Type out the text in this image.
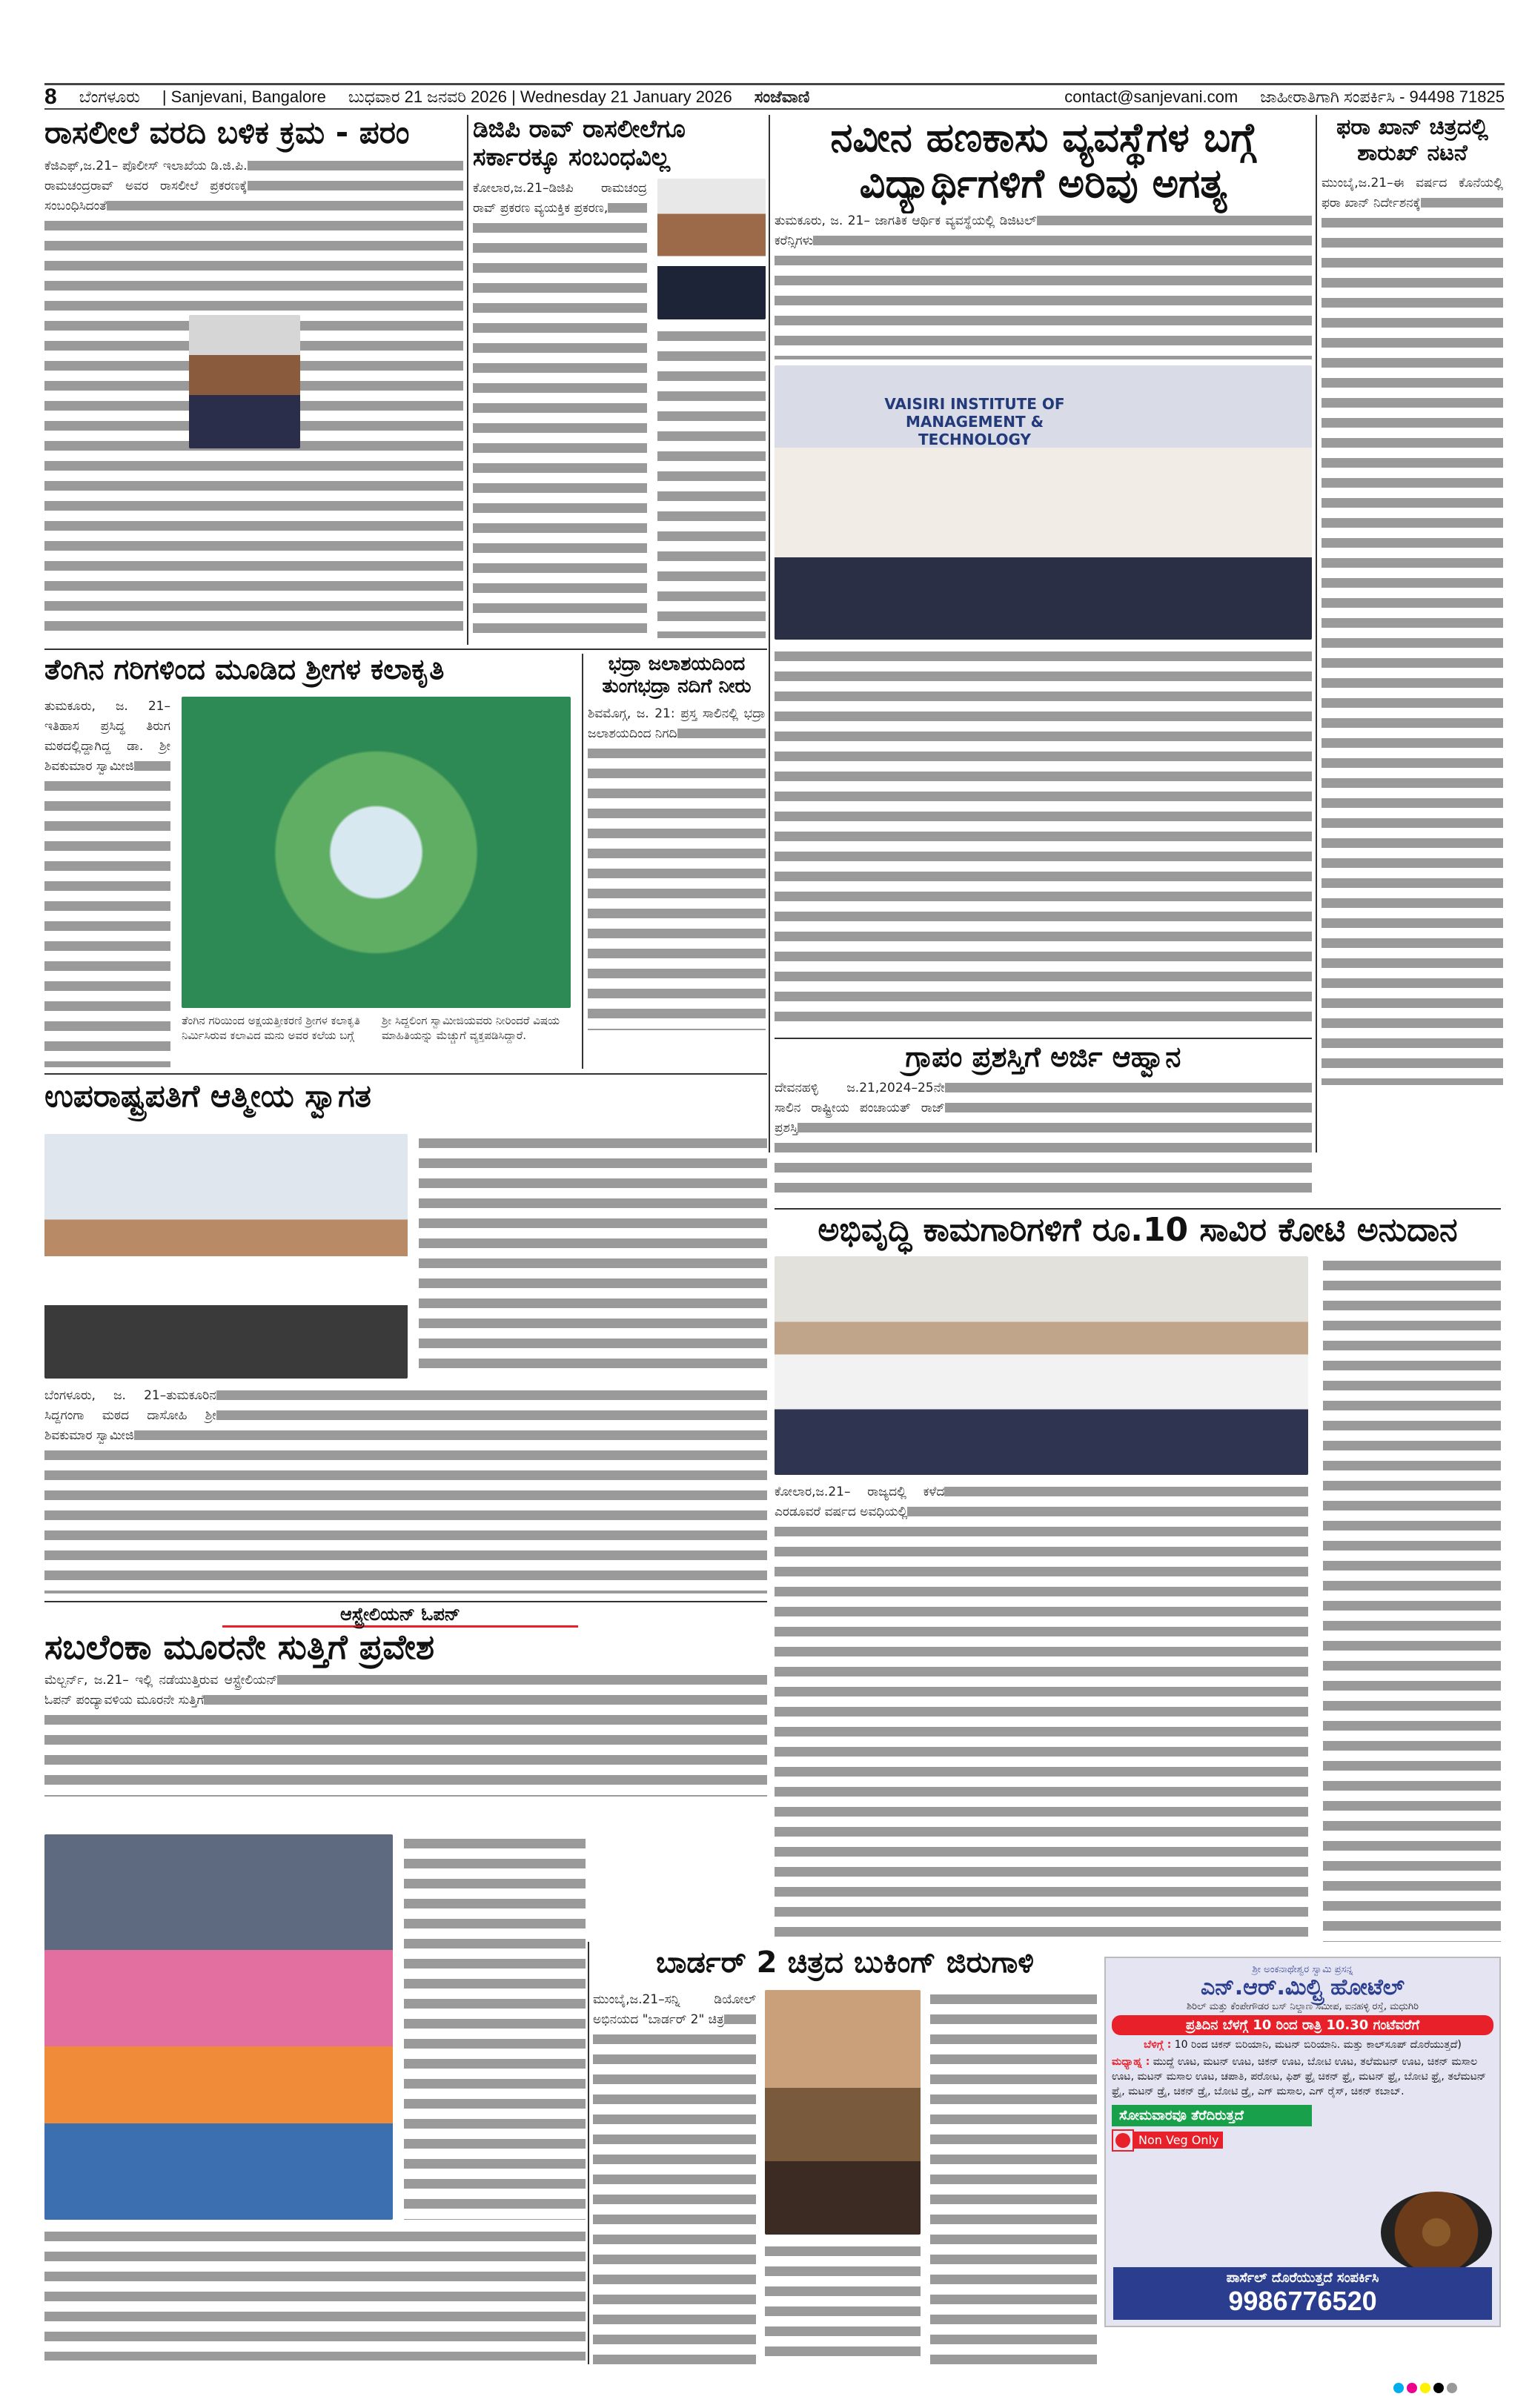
8 ಬೆಂಗಳೂರು | Sanjevani, Bangalore ಬುಧವಾರ 21 ಜನವರಿ 2026 | Wednesday 21 January 2026 ಸಂಜೆವಾಣಿ	contact@sanjevani.com ಜಾಹೀರಾತಿಗಾಗಿ ಸಂಪರ್ಕಿಸಿ - 94498 71825
ರಾಸಲೀಲೆ ವರದಿ ಬಳಿಕ ಕ್ರಮ - ಪರಂ
ಕೆಜಿಎಫ್,ಜ.21– ಪೊಲೀಸ್ ಇಲಾಖೆಯ ಡಿ.ಜಿ.ಪಿ. ರಾಮಚಂದ್ರರಾವ್ ಅವರ ರಾಸಲೀಲೆ ಪ್ರಕರಣಕ್ಕೆ ಸಂಬಂಧಿಸಿದಂತೆ
ಡಿಜಿಪಿ ರಾವ್ ರಾಸಲೀಲೆಗೂ ಸರ್ಕಾರಕ್ಕೂ ಸಂಬಂಧವಿಲ್ಲ
ಕೋಲಾರ,ಜ.21–ಡಿಜಿಪಿ ರಾಮಚಂದ್ರ ರಾವ್ ಪ್ರಕರಣ ವ್ಯಯಕ್ತಿಕ ಪ್ರಕರಣ,
ನವೀನ ಹಣಕಾಸು ವ್ಯವಸ್ಥೆಗಳ ಬಗ್ಗೆ ವಿದ್ಯಾರ್ಥಿಗಳಿಗೆ ಅರಿವು ಅಗತ್ಯ
ತುಮಕೂರು, ಜ. 21– ಜಾಗತಿಕ ಆರ್ಥಿಕ ವ್ಯವಸ್ಥೆಯಲ್ಲಿ ಡಿಜಿಟಲ್ ಕರೆನ್ಸಿಗಳು
VAISIRI INSTITUTE OF MANAGEMENT & TECHNOLOGY
ಫರಾ ಖಾನ್ ಚಿತ್ರದಲ್ಲಿ ಶಾರುಖ್ ನಟನೆ
ಮುಂಬೈ,ಜ.21–ಈ ವರ್ಷದ ಕೊನೆಯಲ್ಲಿ ಫರಾ ಖಾನ್ ನಿರ್ದೇಶನಕ್ಕೆ
ತೆಂಗಿನ ಗರಿಗಳಿಂದ ಮೂಡಿದ ಶ್ರೀಗಳ ಕಲಾಕೃತಿ
ತುಮಕೂರು, ಜ. 21– ಇತಿಹಾಸ ಪ್ರಸಿದ್ಧ ತಿರುಗ ಮಠದಲ್ಲಿದ್ದಾಗಿದ್ದ ಡಾ. ಶ್ರೀ ಶಿವಕುಮಾರ ಸ್ವಾಮೀಜಿ
ತೆಂಗಿನ ಗರಿಯಿಂದ ಅಕ್ಷಯತ್ತೀಕರಣಿ ಶ್ರೀಗಳ ಕಲಾಕೃತಿ ನಿರ್ಮಿಸಿರುವ ಕಲಾವಿದ ಮನು ಅವರ ಕಲೆಯ ಬಗ್ಗೆ
ಶ್ರೀ ಸಿದ್ದಲಿಂಗ ಸ್ವಾಮೀಜಿಯವರು ನೀರಿಂದರೆ ವಿಷಯ ಮಾಹಿತಿಯನ್ನು ಮೆಚ್ಚುಗೆ ವ್ಯಕ್ತಪಡಿಸಿದ್ದಾರೆ.
ಭದ್ರಾ ಜಲಾಶಯದಿಂದ ತುಂಗಭದ್ರಾ ನದಿಗೆ ನೀರು
ಶಿವಮೊಗ್ಗ, ಜ. 21: ಪ್ರಸ್ತ ಸಾಲಿನಲ್ಲಿ ಭದ್ರಾ ಜಲಾಶಯದಿಂದ ನಿಗದಿ
ಗ್ರಾಪಂ ಪ್ರಶಸ್ತಿಗೆ ಅರ್ಜಿ ಆಹ್ವಾನ
ದೇವನಹಳ್ಳಿ ಜ.21,2024–25ನೇ ಸಾಲಿನ ರಾಷ್ಟ್ರೀಯ ಪಂಚಾಯತ್ ರಾಜ್ ಪ್ರಶಸ್ತಿ
ಉಪರಾಷ್ಟ್ರಪತಿಗೆ ಆತ್ಮೀಯ ಸ್ವಾಗತ
ಬೆಂಗಳೂರು, ಜ. 21–ತುಮಕೂರಿನ ಸಿದ್ದಗಂಗಾ ಮಠದ ದಾಸೋಹಿ ಶ್ರೀ ಶಿವಕುಮಾರ ಸ್ವಾಮೀಜಿ
ಅಭಿವೃದ್ಧಿ ಕಾಮಗಾರಿಗಳಿಗೆ ರೂ.10 ಸಾವಿರ ಕೋಟಿ ಅನುದಾನ
ಕೋಲಾರ,ಜ.21– ರಾಜ್ಯದಲ್ಲಿ ಕಳೆದ ಎರಡೂವರೆ ವರ್ಷದ ಅವಧಿಯಲ್ಲಿ
ಆಸ್ಟ್ರೇಲಿಯನ್ ಓಪನ್
ಸಬಲೆಂಕಾ ಮೂರನೇ ಸುತ್ತಿಗೆ ಪ್ರವೇಶ
ಮೆಲ್ಬರ್ನ್, ಜ.21– ಇಲ್ಲಿ ನಡೆಯುತ್ತಿರುವ ಆಸ್ಟ್ರೇಲಿಯನ್ ಓಪನ್ ಪಂದ್ಯಾವಳಿಯ ಮೂರನೇ ಸುತ್ತಿಗೆ
ಬಾರ್ಡರ್ 2 ಚಿತ್ರದ ಬುಕಿಂಗ್ ಜಿರುಗಾಳಿ
ಮುಂಬೈ,ಜ.21–ಸನ್ನಿ ಡಿಯೋಲ್ ಅಭಿನಯದ "ಬಾರ್ಡರ್ 2" ಚಿತ್ರ
ಶ್ರೀ ಅಂಕನಾಥೇಶ್ವರ ಸ್ವಾಮಿ ಪ್ರಸನ್ನ
ಎನ್.ಆರ್.ಮಿಲ್ಟ್ರಿ ಹೋಟೆಲ್
ಶಿರಿಲ್ ಮತ್ತು ಕೆಂಪೇಗೌಡರ ಬಸ್ ನಿಲ್ದಾಣ ಸಮೀಪ, ಐನಹಳ್ಳಿ ರಸ್ತೆ, ಮಧುಗಿರಿ
ಪ್ರತಿದಿನ ಬೆಳಗ್ಗೆ 10 ರಿಂದ ರಾತ್ರಿ 10.30 ಗಂಟೆವರೆಗೆ
ಬೆಳಿಗ್ಗೆ : 10 ರಿಂದ ಚಿಕನ್ ಬಿರಿಯಾನಿ, ಮಟನ್ ಬಿರಿಯಾನಿ. ಮತ್ತು ಕಾಲ್‌ಸೂಪ್ ದೊರೆಯುತ್ತದೆ)
ಮಧ್ಯಾಹ್ನ : ಮುದ್ದೆ ಊಟ, ಮಟನ್ ಊಟ, ಚಿಕನ್ ಊಟ, ಬೋಟಿ ಊಟ, ತಲೆಮಟನ್ ಊಟ, ಚಿಕನ್ ಮಸಾಲ ಊಟ, ಮಟನ್ ಮಸಾಲ ಊಟ, ಚಪಾತಿ, ಪರೋಟ, ಫಿಶ್ ಫ್ರೈ ಚಿಕನ್ ಫ್ರೈ, ಮಟನ್ ಫ್ರೈ, ಬೋಟಿ ಫ್ರೈ, ತಲೆಮಟನ್ ಫ್ರೈ, ಮಟನ್ ಡ್ರೈ, ಚಿಕನ್ ಡ್ರೈ, ಬೋಟಿ ಡ್ರೈ, ಎಗ್ ಮಸಾಲ, ಎಗ್ ರೈಸ್, ಚಿಕನ್ ಕಬಾಬ್.
ಸೋಮವಾರವೂ ತೆರೆದಿರುತ್ತದೆ
Non Veg Only
ಪಾರ್ಸೆಲ್ ದೊರೆಯುತ್ತದೆ ಸಂಪರ್ಕಿಸಿ
9986776520
